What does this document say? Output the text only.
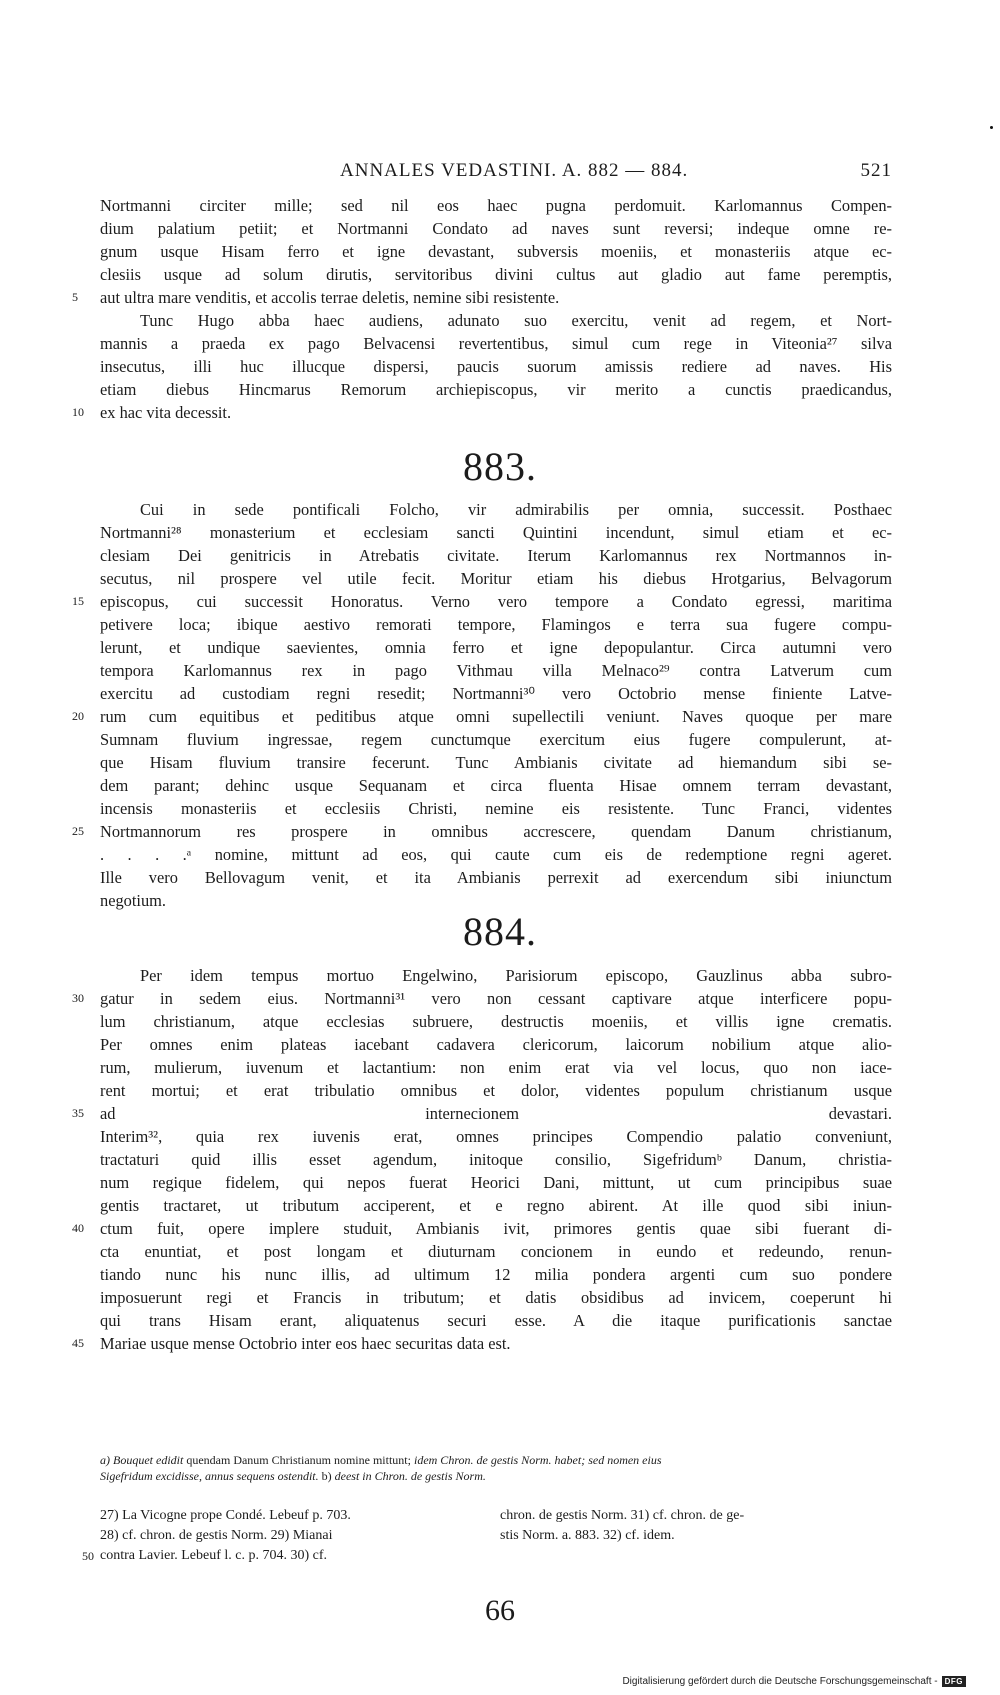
ANNALES VEDASTINI. A. 882 — 884.	521
Nortmanni circiter mille; sed nil eos haec pugna perdomuit. Karlomannus Compen-
dium palatium petiit; et Nortmanni Condato ad naves sunt reversi; indeque omne re-
gnum usque Hisam ferro et igne devastant, subversis moeniis, et monasteriis atque ec-
clesiis usque ad solum dirutis, servitoribus divini cultus aut gladio aut fame peremptis,
5	aut ultra mare venditis, et accolis terrae deletis, nemine sibi resistente.
Tunc Hugo abba haec audiens, adunato suo exercitu, venit ad regem, et Nort-
mannis a praeda ex pago Belvacensi revertentibus, simul cum rege in Viteonia²⁷ silva
insecutus, illi huc illucque dispersi, paucis suorum amissis rediere ad naves. His
etiam diebus Hincmarus Remorum archiepiscopus, vir merito a cunctis praedicandus,
10 ex hac vita decessit.
883.
Cui in sede pontificali Folcho, vir admirabilis per omnia, successit. Posthaec
Nortmanni²⁸ monasterium et ecclesiam sancti Quintini incendunt, simul etiam et ec-
clesiam Dei genitricis in Atrebatis civitate. Iterum Karlomannus rex Nortmannos in-
secutus, nil prospere vel utile fecit. Moritur etiam his diebus Hrotgarius, Belvagorum
15 episcopus, cui successit Honoratus. Verno vero tempore a Condato egressi, maritima
petivere loca; ibique aestivo remorati tempore, Flamingos e terra sua fugere compu-
lerunt, et undique saevientes, omnia ferro et igne depopulantur. Circa autumni vero
tempora Karlomannus rex in pago Vithmau villa Melnaco²⁹ contra Latverum cum
exercitu ad custodiam regni resedit; Nortmanni³⁰ vero Octobrio mense finiente Latve-
20 rum cum equitibus et peditibus atque omni supellectili veniunt. Naves quoque per mare
Sumnam fluvium ingressae, regem cunctumque exercitum eius fugere compulerunt, at-
que Hisam fluvium transire fecerunt. Tunc Ambianis civitate ad hiemandum sibi se-
dem parant; dehinc usque Sequanam et circa fluenta Hisae omnem terram devastant,
incensis monasteriis et ecclesiis Christi, nemine eis resistente. Tunc Franci, videntes
25 Nortmannorum res prospere in omnibus accrescere, quendam Danum christianum,
. . . .ᵃ nomine, mittunt ad eos, qui caute cum eis de redemptione regni ageret.
Ille vero Bellovagum venit, et ita Ambianis perrexit ad exercendum sibi iniunctum
negotium.
884.
Per idem tempus mortuo Engelwino, Parisiorum episcopo, Gauzlinus abba subro-
30 gatur in sedem eius. Nortmanni³¹ vero non cessant captivare atque interficere popu-
lum christianum, atque ecclesias subruere, destructis moeniis, et villis igne crematis.
Per omnes enim plateas iacebant cadavera clericorum, laicorum nobilium atque alio-
rum, mulierum, iuvenum et lactantium: non enim erat via vel locus, quo non iace-
rent mortui; et erat tribulatio omnibus et dolor, videntes populum christianum usque
35 ad internecionem devastari.
Interim³², quia rex iuvenis erat, omnes principes Compendio palatio conveniunt,
tractaturi quid illis esset agendum, initoque consilio, Sigefridumᵇ Danum, christia-
num regique fidelem, qui nepos fuerat Heorici Dani, mittunt, ut cum principibus suae
gentis tractaret, ut tributum acciperent, et e regno abirent. At ille quod sibi iniun-
40 ctum fuit, opere implere studuit, Ambianis ivit, primores gentis quae sibi fuerant di-
cta enuntiat, et post longam et diuturnam concionem in eundo et redeundo, renun-
tiando nunc his nunc illis, ad ultimum 12 milia pondera argenti cum suo pondere
imposuerunt regi et Francis in tributum; et datis obsidibus ad invicem, coeperunt hi
qui trans Hisam erant, aliquatenus securi esse. A die itaque purificationis sanctae
45 Mariae usque mense Octobrio inter eos haec securitas data est.
a) Bouquet edidit quendam Danum Christianum nomine mittunt; idem Chron. de gestis Norm. habet; sed nomen eius
Sigefridum excidisse, annus sequens ostendit. b) deest in Chron. de gestis Norm.
27) La Vicogne prope Condé. Lebeuf p. 703.	chron. de gestis Norm. 31) cf. chron. de ge-
28) cf. chron. de gestis Norm. 29) Mianai	stis Norm. a. 883. 32) cf. idem.
50 contra Lavier. Lebeuf l. c. p. 704. 30) cf.
66
Digitalisierung gefördert durch die Deutsche Forschungsgemeinschaft - DFG
